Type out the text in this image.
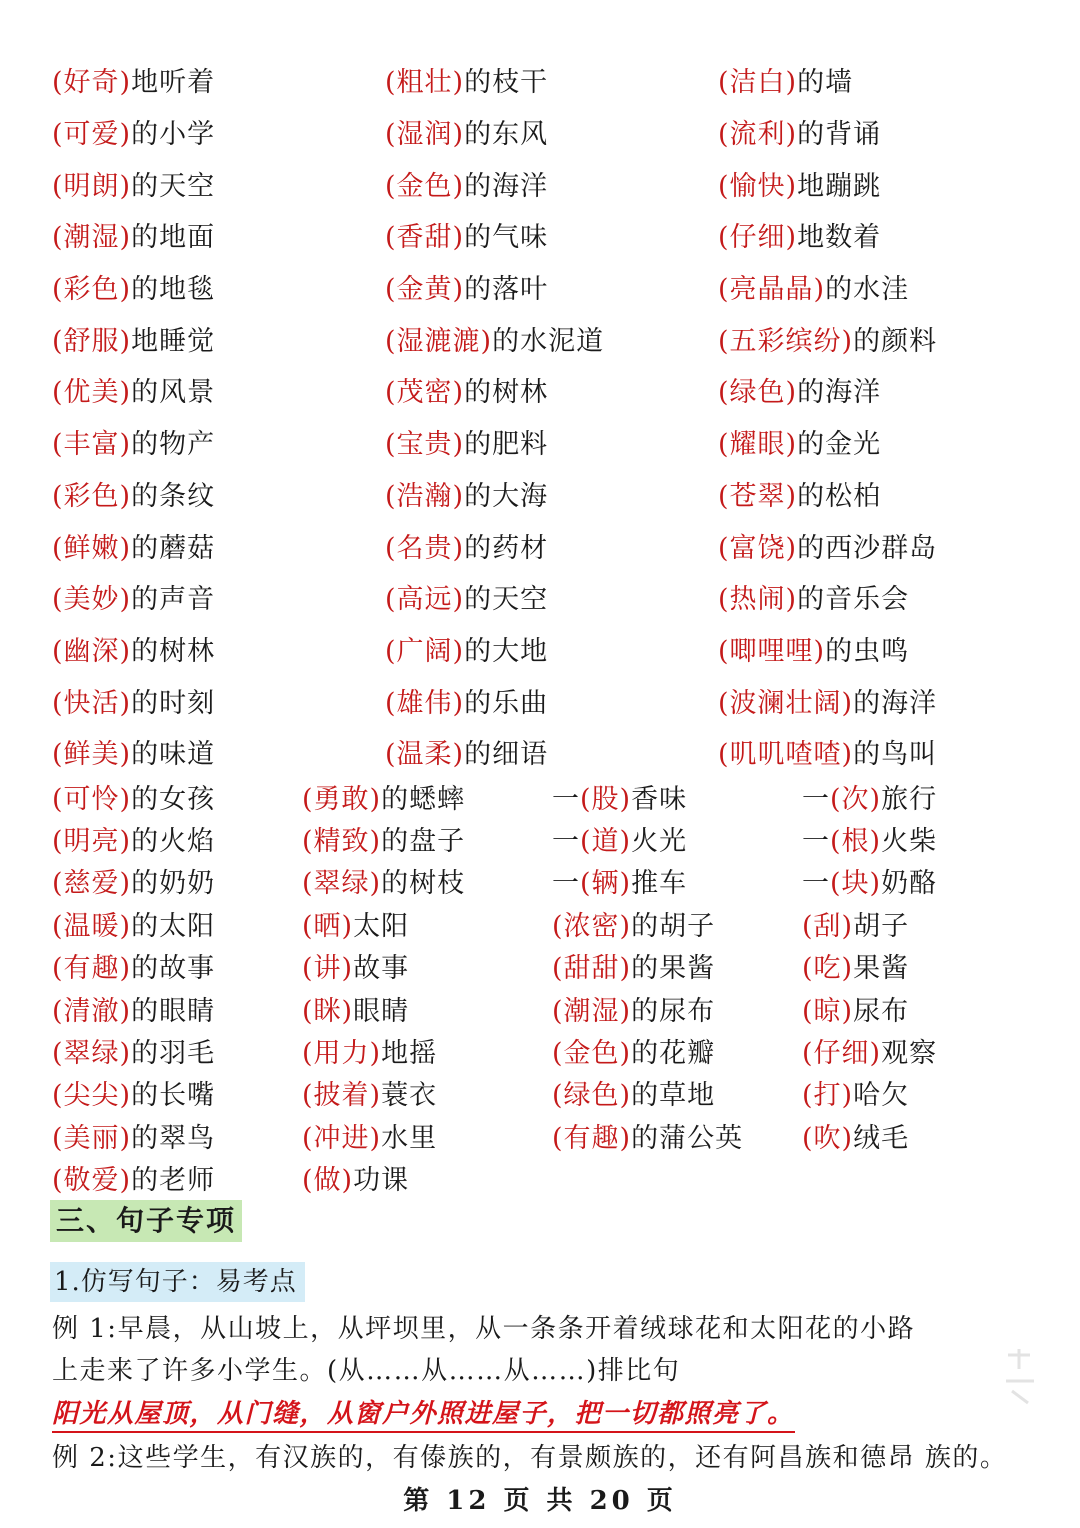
(好奇)地听着	(粗壮)的枝干	(洁白)的墙
(可爱)的小学	(湿润)的东风	(流利)的背诵
(明朗)的天空	(金色)的海洋	(愉快)地蹦跳
(潮湿)的地面	(香甜)的气味	(仔细)地数着
(彩色)的地毯	(金黄)的落叶	(亮晶晶)的水洼
(舒服)地睡觉	(湿漉漉)的水泥道	(五彩缤纷)的颜料
(优美)的风景	(茂密)的树林	(绿色)的海洋
(丰富)的物产	(宝贵)的肥料	(耀眼)的金光
(彩色)的条纹	(浩瀚)的大海	(苍翠)的松柏
(鲜嫩)的蘑菇	(名贵)的药材	(富饶)的西沙群岛
(美妙)的声音	(高远)的天空	(热闹)的音乐会
(幽深)的树林	(广阔)的大地	(唧哩哩)的虫鸣
(快活)的时刻	(雄伟)的乐曲	(波澜壮阔)的海洋
(鲜美)的味道	(温柔)的细语	(叽叽喳喳)的鸟叫
(可怜)的女孩	(勇敢)的蟋蟀	一(股)香味	一(次)旅行
(明亮)的火焰	(精致)的盘子	一(道)火光	一(根)火柴
(慈爱)的奶奶	(翠绿)的树枝	一(辆)推车	一(块)奶酪
(温暖)的太阳	(晒)太阳	(浓密)的胡子	(刮)胡子
(有趣)的故事	(讲)故事	(甜甜)的果酱	(吃)果酱
(清澈)的眼睛	(眯)眼睛	(潮湿)的尿布	(晾)尿布
(翠绿)的羽毛	(用力)地摇	(金色)的花瓣	(仔细)观察
(尖尖)的长嘴	(披着)蓑衣	(绿色)的草地	(打)哈欠
(美丽)的翠鸟	(冲进)水里	(有趣)的蒲公英	(吹)绒毛
(敬爱)的老师	(做)功课
三、句子专项
1.仿写句子：易考点
例 1:早晨，从山坡上，从坪坝里，从一条条开着绒球花和太阳花的小路
上走来了许多小学生。(从……从……从……)排比句
阳光从屋顶，从门缝，从窗户外照进屋子，把一切都照亮了。
例 2:这些学生，有汉族的，有傣族的，有景颇族的，还有阿昌族和德昂 族的。
第 12 页 共 20 页
